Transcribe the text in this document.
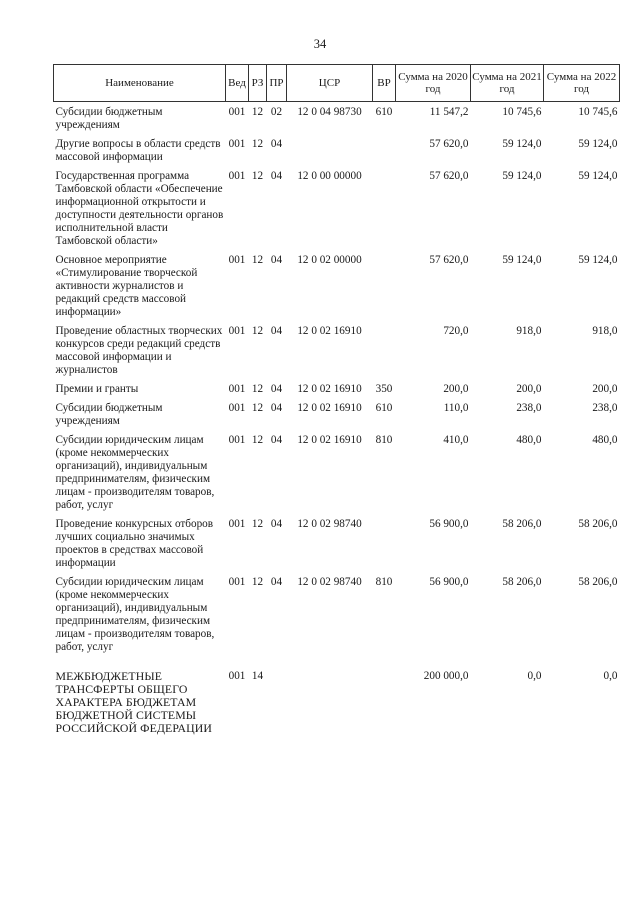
34
Наименование	Вед	РЗ	ПР	ЦСР	ВР	Сумма на 2020 год	Сумма на 2021 год	Сумма на 2022 год
Субсидии бюджетным учреждениям	001	12	02	12 0 04 98730	610	11 547,2	10 745,6	10 745,6
Другие вопросы в области средств массовой информации	001	12	04			57 620,0	59 124,0	59 124,0
Государственная программа Тамбовской области «Обеспечение информационной открытости и доступности деятельности органов исполнительной власти Тамбовской области»	001	12	04	12 0 00 00000		57 620,0	59 124,0	59 124,0
Основное мероприятие «Стимулирование творческой активности журналистов и редакций средств массовой информации»	001	12	04	12 0 02 00000		57 620,0	59 124,0	59 124,0
Проведение областных творческих конкурсов среди редакций средств массовой информации и журналистов	001	12	04	12 0 02 16910		720,0	918,0	918,0
Премии и гранты	001	12	04	12 0 02 16910	350	200,0	200,0	200,0
Субсидии бюджетным учреждениям	001	12	04	12 0 02 16910	610	110,0	238,0	238,0
Субсидии юридическим лицам (кроме некоммерческих организаций), индивидуальным предпринимателям, физическим лицам - производителям товаров, работ, услуг	001	12	04	12 0 02 16910	810	410,0	480,0	480,0
Проведение конкурсных отборов лучших социально значимых проектов в средствах массовой информации	001	12	04	12 0 02 98740		56 900,0	58 206,0	58 206,0
Субсидии юридическим лицам (кроме некоммерческих организаций), индивидуальным предпринимателям, физическим лицам - производителям товаров, работ, услуг	001	12	04	12 0 02 98740	810	56 900,0	58 206,0	58 206,0
МЕЖБЮДЖЕТНЫЕ ТРАНСФЕРТЫ ОБЩЕГО ХАРАКТЕРА БЮДЖЕТАМ БЮДЖЕТНОЙ СИСТЕМЫ РОССИЙСКОЙ ФЕДЕРАЦИИ	001	14				200 000,0	0,0	0,0
